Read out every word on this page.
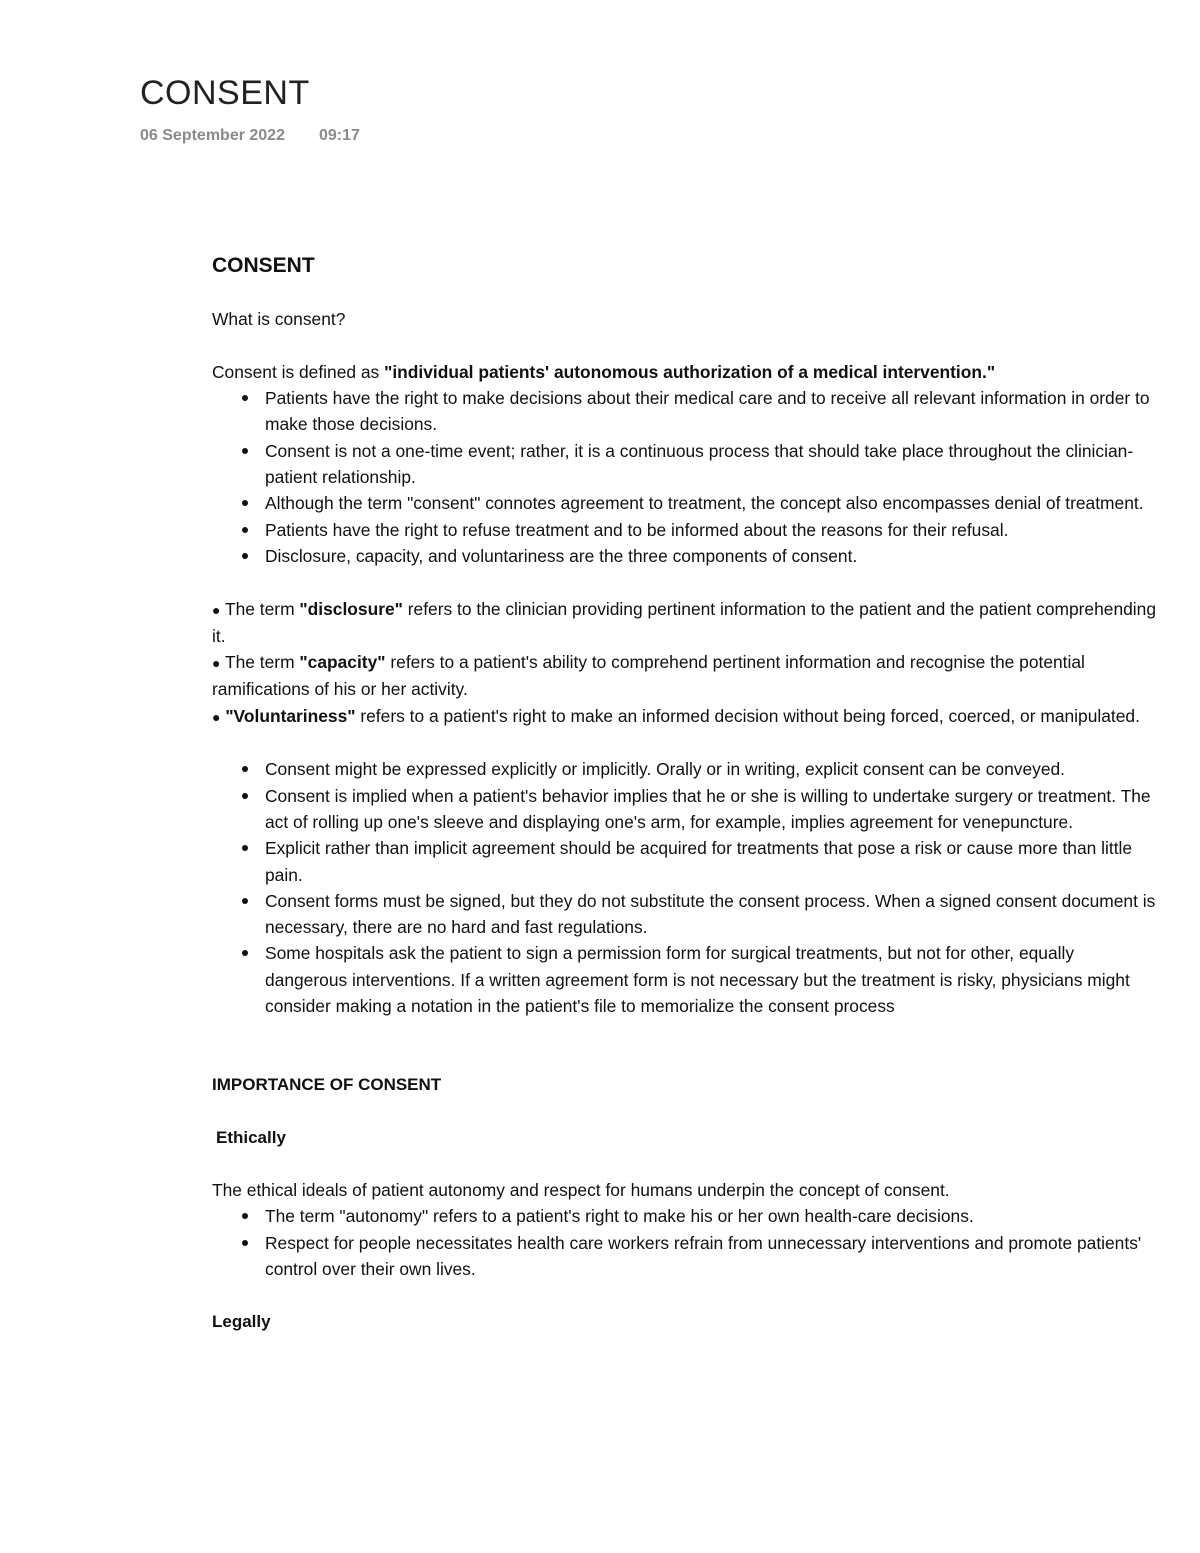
CONSENT
06 September 2022 09:17
CONSENT

What is consent?

Consent is defined as "individual patients' autonomous authorization of a medical intervention."

Patients have the right to make decisions about their medical care and to receive all relevant information in order to make those decisions.
Consent is not a one-time event; rather, it is a continuous process that should take place throughout the clinician-patient relationship.
Although the term "consent" connotes agreement to treatment, the concept also encompasses denial of treatment.
Patients have the right to refuse treatment and to be informed about the reasons for their refusal.
Disclosure, capacity, and voluntariness are the three components of consent.

● The term "disclosure" refers to the clinician providing pertinent information to the patient and the patient comprehending it.

● The term "capacity" refers to a patient's ability to comprehend pertinent information and recognise the potential ramifications of his or her activity.

● "Voluntariness" refers to a patient's right to make an informed decision without being forced, coerced, or manipulated.

Consent might be expressed explicitly or implicitly. Orally or in writing, explicit consent can be conveyed.
Consent is implied when a patient's behavior implies that he or she is willing to undertake surgery or treatment. The act of rolling up one's sleeve and displaying one's arm, for example, implies agreement for venepuncture.
Explicit rather than implicit agreement should be acquired for treatments that pose a risk or cause more than little pain.
Consent forms must be signed, but they do not substitute the consent process. When a signed consent document is necessary, there are no hard and fast regulations.
Some hospitals ask the patient to sign a permission form for surgical treatments, but not for other, equally dangerous interventions. If a written agreement form is not necessary but the treatment is risky, physicians might consider making a notation in the patient's file to memorialize the consent process

IMPORTANCE OF CONSENT

Ethically

The ethical ideals of patient autonomy and respect for humans underpin the concept of consent.

The term "autonomy" refers to a patient's right to make his or her own health-care decisions.
Respect for people necessitates health care workers refrain from unnecessary interventions and promote patients' control over their own lives.

Legally
